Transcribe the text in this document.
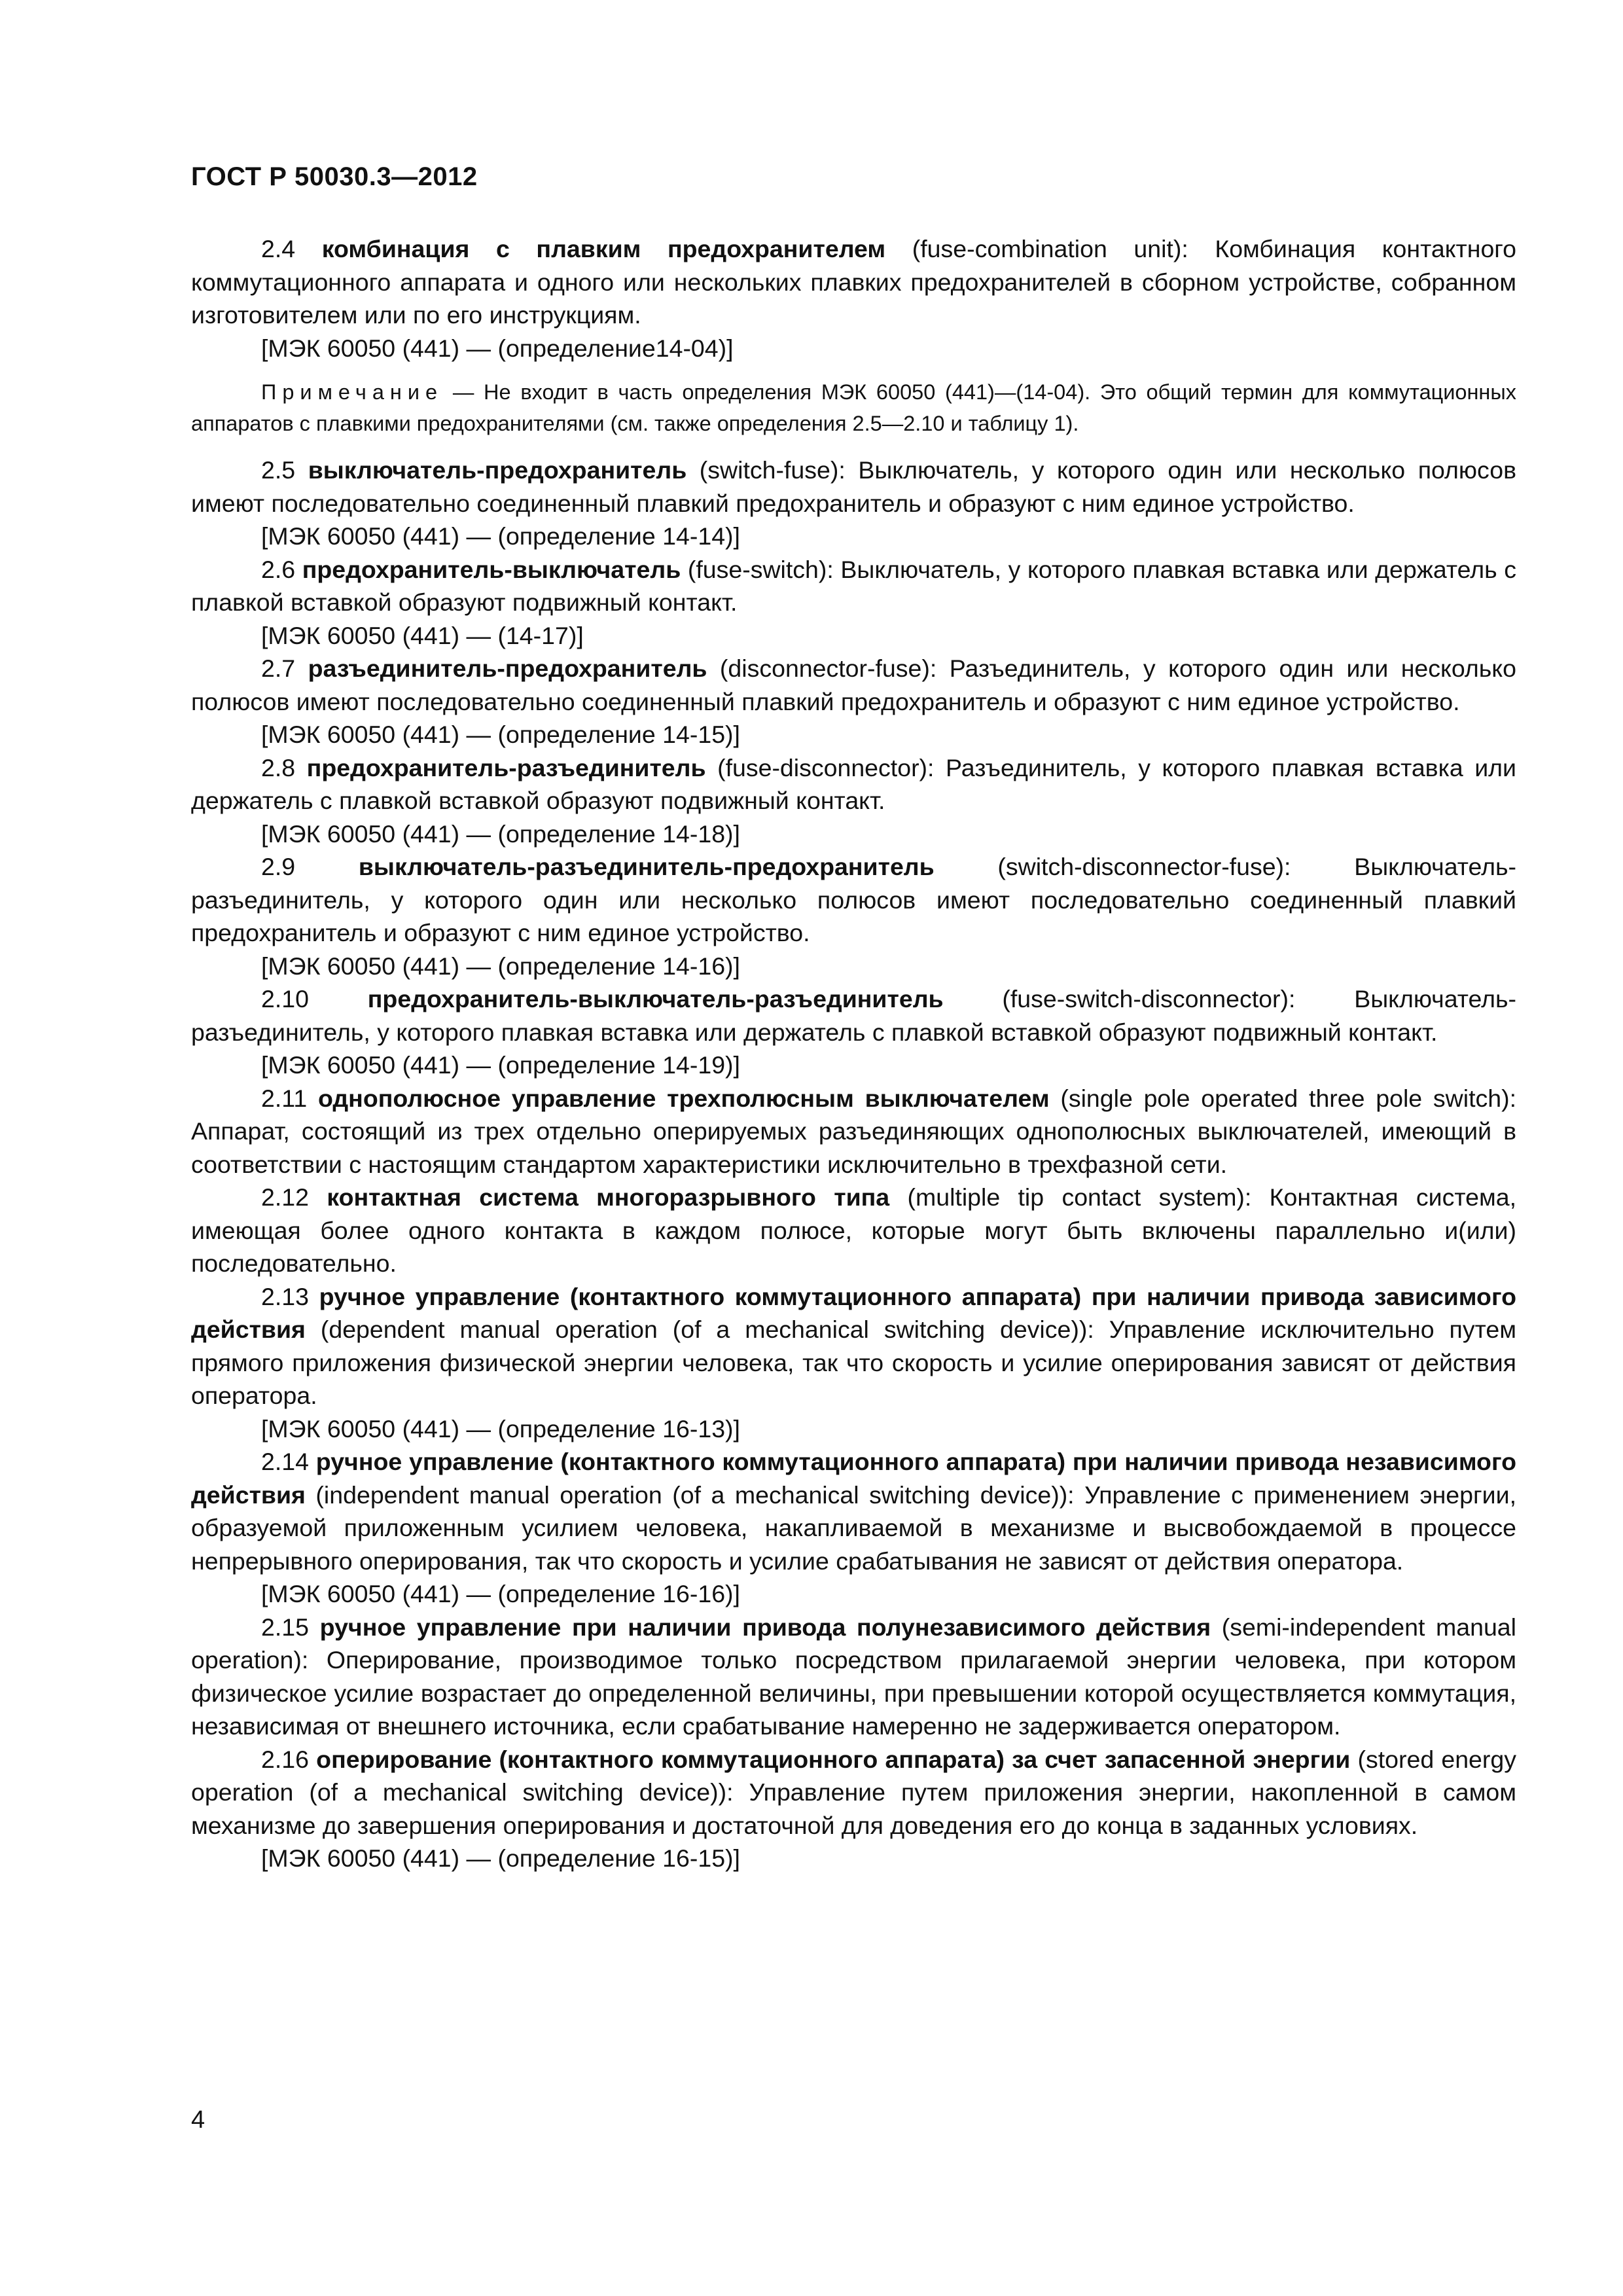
ГОСТ Р 50030.3—2012

2.4 комбинация с плавким предохранителем (fuse-combination unit): Комбинация контактного коммутационного аппарата и одного или нескольких плавких предохранителей в сборном устройстве, собранном изготовителем или по его инструкциям.

[МЭК 60050 (441) — (определение14-04)]

Примечание — Не входит в часть определения МЭК 60050 (441)—(14-04). Это общий термин для коммутационных аппаратов с плавкими предохранителями (см. также определения 2.5—2.10 и таблицу 1).

2.5 выключатель-предохранитель (switch-fuse): Выключатель, у которого один или несколько полюсов имеют последовательно соединенный плавкий предохранитель и образуют с ним единое устройство.

[МЭК 60050 (441) — (определение 14-14)]

2.6 предохранитель-выключатель (fuse-switch): Выключатель, у которого плавкая вставка или держатель с плавкой вставкой образуют подвижный контакт.

[МЭК 60050 (441) — (14-17)]

2.7 разъединитель-предохранитель (disconnector-fuse): Разъединитель, у которого один или несколько полюсов имеют последовательно соединенный плавкий предохранитель и образуют с ним единое устройство.

[МЭК 60050 (441) — (определение 14-15)]

2.8 предохранитель-разъединитель (fuse-disconnector): Разъединитель, у которого плавкая вставка или держатель с плавкой вставкой образуют подвижный контакт.

[МЭК 60050 (441) — (определение 14-18)]

2.9	выключатель-разъединитель-предохранитель (switch-disconnector-fuse): Выключатель-разъединитель, у которого один или несколько полюсов имеют последовательно соединенный плавкий предохранитель и образуют с ним единое устройство.

[МЭК 60050 (441) — (определение 14-16)]

2.10 предохранитель-выключатель-разъединитель (fuse-switch-disconnector): Выключатель-разъединитель, у которого плавкая вставка или держатель с плавкой вставкой образуют подвижный контакт.

[МЭК 60050 (441) — (определение 14-19)]

2.11 однополюсное управление трехполюсным выключателем (single pole operated three pole switch): Аппарат, состоящий из трех отдельно оперируемых разъединяющих однополюсных выключателей, имеющий в соответствии с настоящим стандартом характеристики исключительно в трехфазной сети.

2.12 контактная система многоразрывного типа (multiple tip contact system): Контактная система, имеющая более одного контакта в каждом полюсе, которые могут быть включены параллельно и(или) последовательно.

2.13 ручное управление (контактного коммутационного аппарата) при наличии привода зависимого действия (dependent manual operation (of a mechanical switching device)): Управление исключительно путем прямого приложения физической энергии человека, так что скорость и усилие оперирования зависят от действия оператора.

[МЭК 60050 (441) — (определение 16-13)]

2.14 ручное управление (контактного коммутационного аппарата) при наличии привода независимого действия (independent manual operation (of a mechanical switching device)): Управление с применением энергии, образуемой приложенным усилием человека, накапливаемой в механизме и высвобождаемой в процессе непрерывного оперирования, так что скорость и усилие срабатывания не зависят от действия оператора.

[МЭК 60050 (441) — (определение 16-16)]

2.15 ручное управление при наличии привода полунезависимого действия (semi-independent manual operation): Оперирование, производимое только посредством прилагаемой энергии человека, при котором физическое усилие возрастает до определенной величины, при превышении которой осуществляется коммутация, независимая от внешнего источника, если срабатывание намеренно не задерживается оператором.

2.16 оперирование (контактного коммутационного аппарата) за счет запасенной энергии (stored energy operation (of a mechanical switching device)): Управление путем приложения энергии, накопленной в самом механизме до завершения оперирования и достаточной для доведения его до конца в заданных условиях.

[МЭК 60050 (441) — (определение 16-15)]

4
